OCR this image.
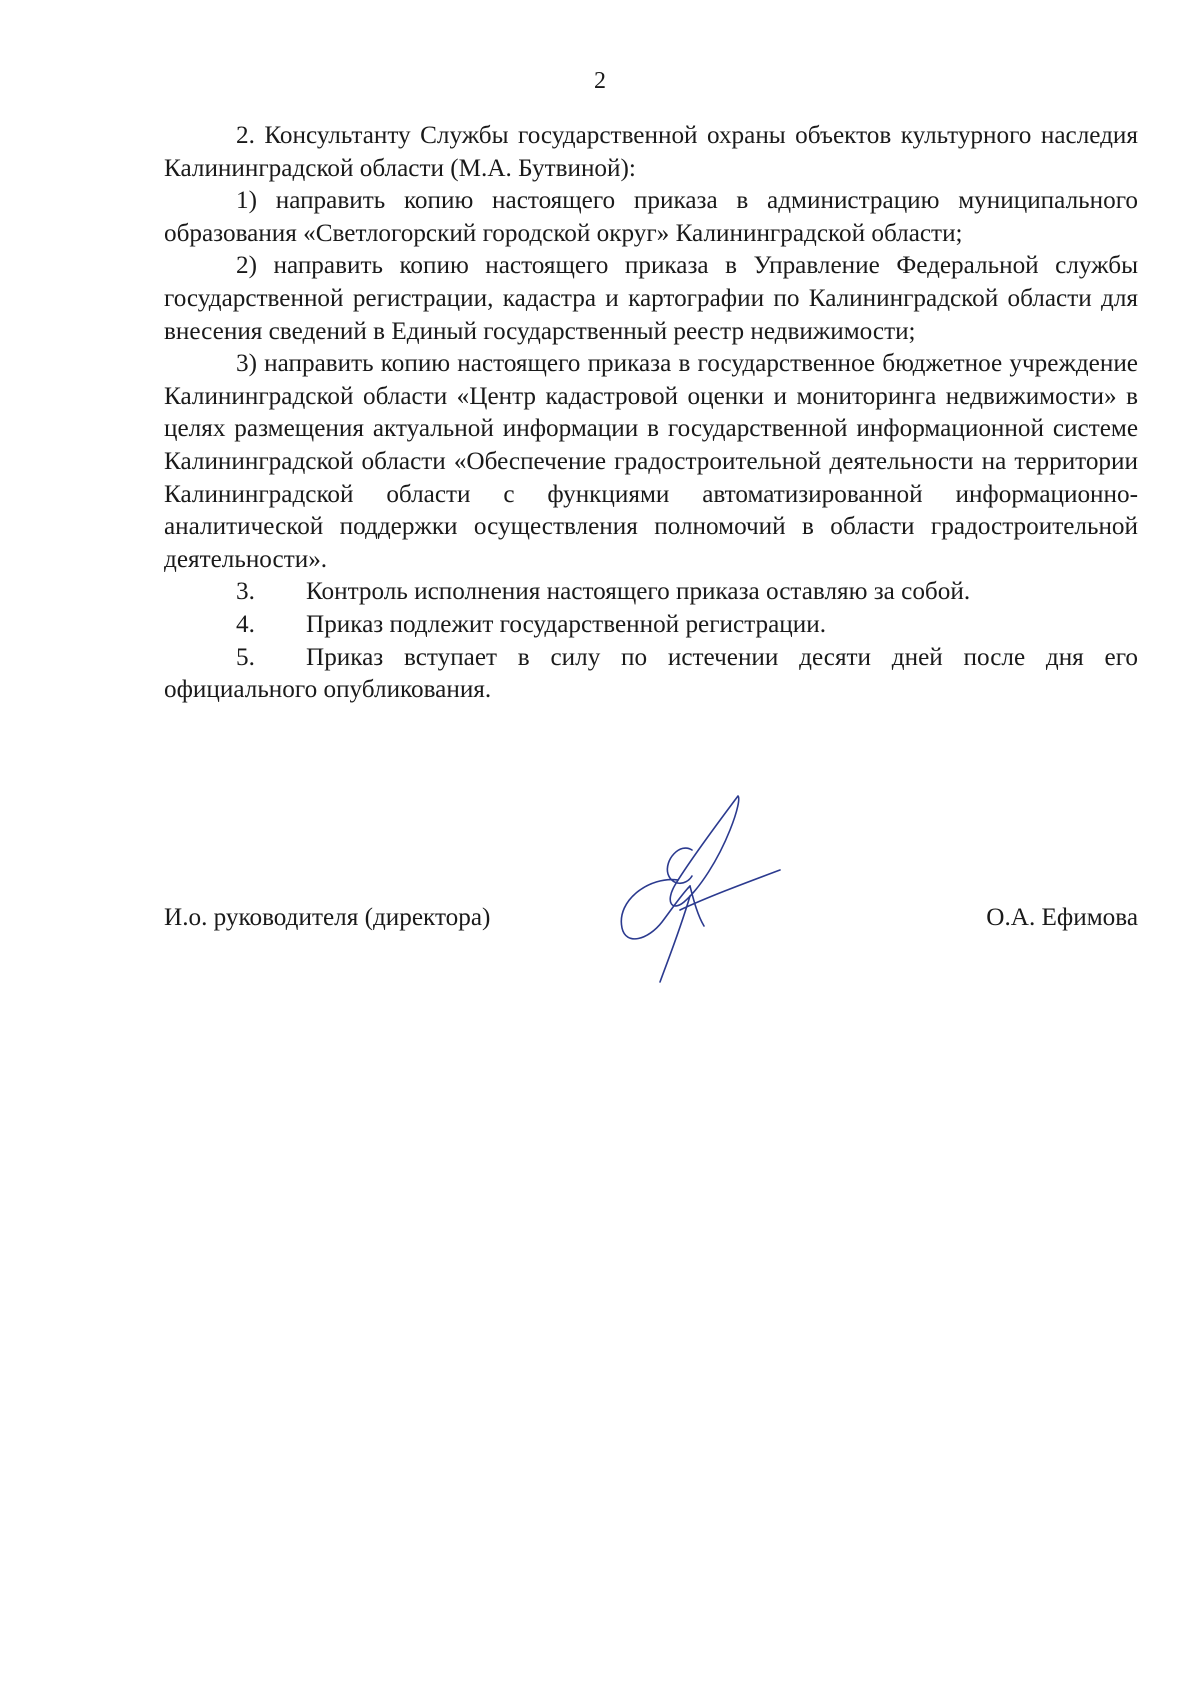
2

2. Консультанту Службы государственной охраны объектов культурного наследия Калининградской области (М.А. Бутвиной):

1) направить копию настоящего приказа в администрацию муниципального образования «Светлогорский городской округ» Калининградской области;

2) направить копию настоящего приказа в Управление Федеральной службы государственной регистрации, кадастра и картографии по Калининградской области для внесения сведений в Единый государственный реестр недвижимости;

3) направить копию настоящего приказа в государственное бюджетное учреждение Калининградской области «Центр кадастровой оценки и мониторинга недвижимости» в целях размещения актуальной информации в государственной информационной системе Калининградской области «Обеспечение градостроительной деятельности на территории Калининградской области с функциями автоматизированной информационно-аналитической поддержки осуществления полномочий в области градостроительной деятельности».

3.	Контроль исполнения настоящего приказа оставляю за собой.

4.	Приказ подлежит государственной регистрации.

5. Приказ вступает в силу по истечении десяти дней после дня его официального опубликования.

И.о. руководителя (директора)	О.А. Ефимова
